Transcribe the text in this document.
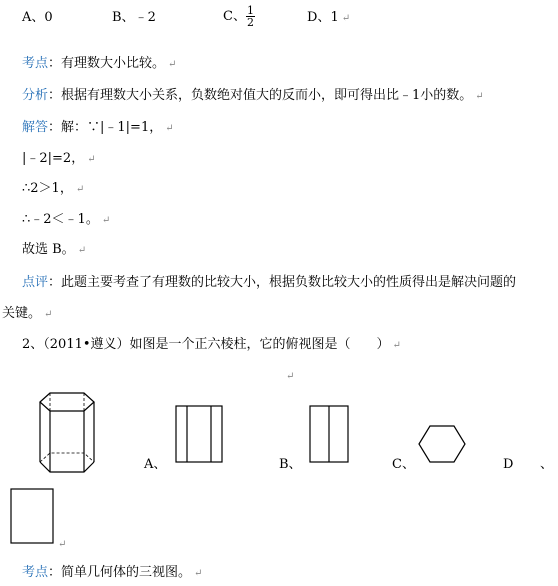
A、0	B、﹣2	C、 $\frac{1}{2}$	D、1 ↵
考点：有理数大小比较。 ↵
分析：根据有理数大小关系，负数绝对值大的反而小，即可得出比﹣1小的数。 ↵
解答：解：∵|﹣1|=1， ↵
|﹣2|=2， ↵
∴2＞1， ↵
∴﹣2＜﹣1。 ↵
故选 B。 ↵
点评：此题主要考查了有理数的比较大小，根据负数比较大小的性质得出是解决问题的
关键。 ↵
2、（2011•遵义）如图是一个正六棱柱，它的俯视图是（　　） ↵
↵
A、	B、	C、	D 、
↵
考点：简单几何体的三视图。 ↵
